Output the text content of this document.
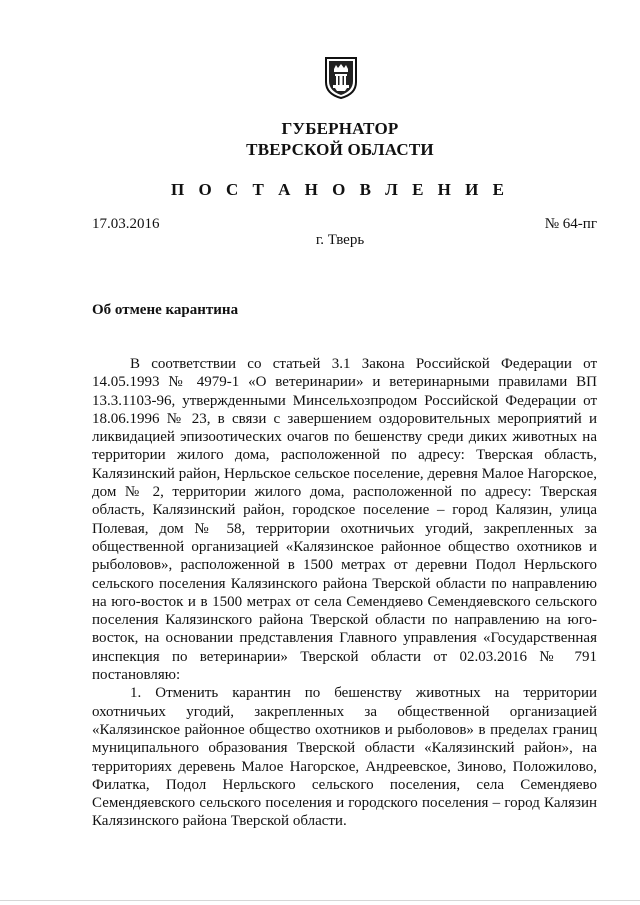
ГУБЕРНАТОР
ТВЕРСКОЙ ОБЛАСТИ
П О С Т А Н О В Л Е Н И Е
17.03.2016	№ 64-пг
г. Тверь
Об отмене карантина

В соответствии со статьей 3.1 Закона Российской Федерации от 14.05.1993 № 4979-1 «О ветеринарии» и ветеринарными правилами ВП 13.3.1103-96, утвержденными Минсельхозпродом Российской Федерации от 18.06.1996 № 23, в связи с завершением оздоровительных мероприятий и ликвидацией эпизоотических очагов по бешенству среди диких животных на территории жилого дома, расположенной по адресу: Тверская область, Калязинский район, Нерльское сельское поселение, деревня Малое Нагорское, дом № 2, территории жилого дома, расположенной по адресу: Тверская область, Калязинский район, городское поселение – город Калязин, улица Полевая, дом № 58, территории охотничьих угодий, закрепленных за общественной организацией «Калязинское районное общество охотников и рыболовов», расположенной в 1500 метрах от деревни Подол Нерльского сельского поселения Калязинского района Тверской области по направлению на юго-восток и в 1500 метрах от села Семендяево Семендяевского сельского поселения Калязинского района Тверской области по направлению на юго-восток, на основании представления Главного управления «Государственная инспекция по ветеринарии» Тверской области от 02.03.2016 № 791 постановляю:

1. Отменить карантин по бешенству животных на территории охотничьих угодий, закрепленных за общественной организацией «Калязинское районное общество охотников и рыболовов» в пределах границ муниципального образования Тверской области «Калязинский район», на территориях деревень Малое Нагорское, Андреевское, Зиново, Положилово, Филатка, Подол Нерльского сельского поселения, села Семендяево Семендяевского сельского поселения и городского поселения – город Калязин Калязинского района Тверской области.
